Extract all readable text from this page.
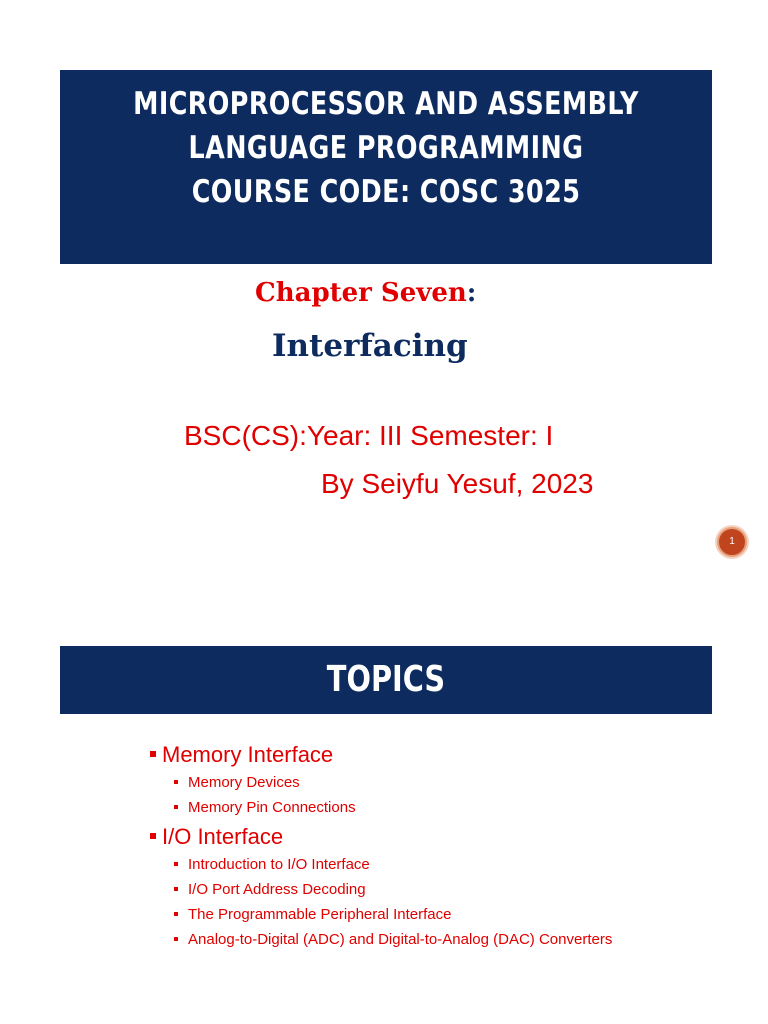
MICROPROCESSOR AND ASSEMBLY
LANGUAGE PROGRAMMING
COURSE CODE: COSC 3025
Chapter Seven:
Interfacing
BSC(CS):Year: III Semester: I
By Seiyfu Yesuf, 2023
1
TOPICS
Memory Interface
Memory Devices
Memory Pin Connections
I/O Interface
Introduction to I/O Interface
I/O Port Address Decoding
The Programmable Peripheral Interface
Analog-to-Digital (ADC) and Digital-to-Analog (DAC) Converters
